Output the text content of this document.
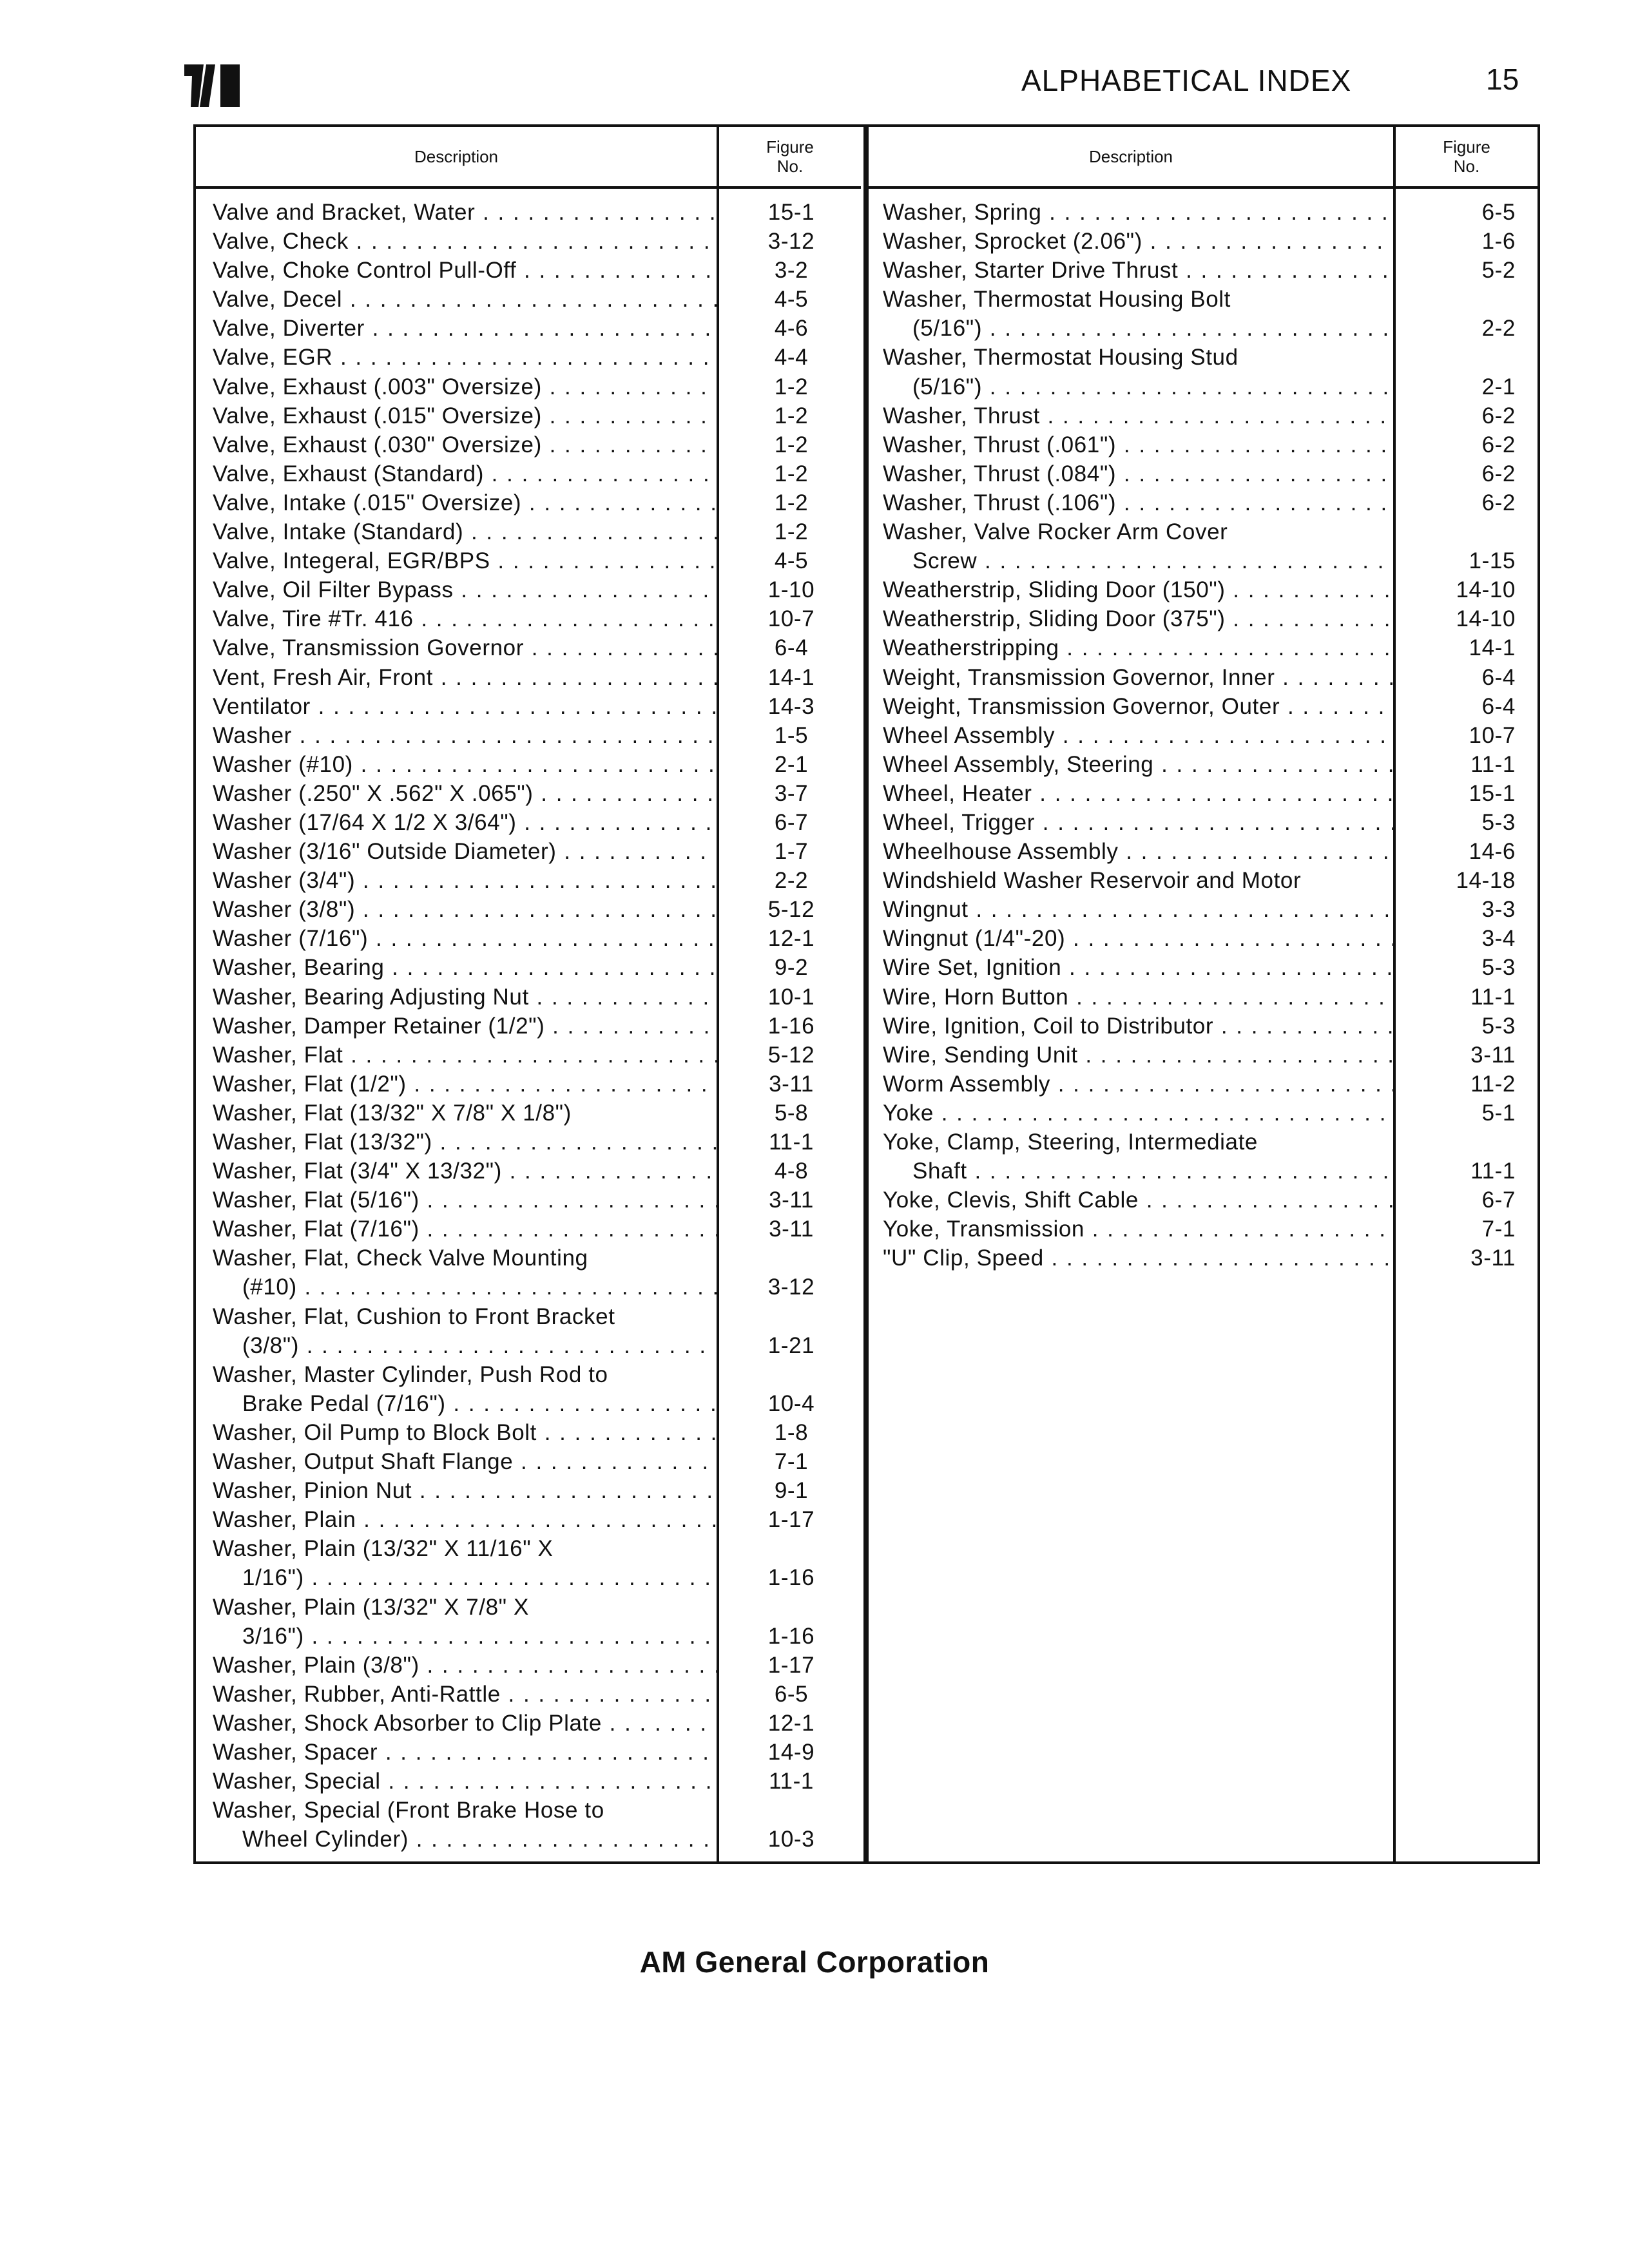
ALPHABETICAL INDEX	15
Description	Figure
No.
Valve and Bracket, Water . . .	15-1
Valve, Check . . .	3-12
Valve, Choke Control Pull-Off . . .	3-2
Valve, Decel . . .	4-5
Valve, Diverter . . .	4-6
Valve, EGR . . .	4-4
Valve, Exhaust (.003" Oversize) . . .	1-2
Valve, Exhaust (.015" Oversize) . . .	1-2
Valve, Exhaust (.030" Oversize) . . .	1-2
Valve, Exhaust (Standard) . . .	1-2
Valve, Intake (.015" Oversize) . . .	1-2
Valve, Intake (Standard) . . .	1-2
Valve, Integeral, EGR/BPS . . .	4-5
Valve, Oil Filter Bypass . . .	1-10
Valve, Tire #Tr. 416 . . .	10-7
Valve, Transmission Governor . . .	6-4
Vent, Fresh Air, Front . . .	14-1
Ventilator . . .	14-3
Washer . . .	1-5
Washer (#10) . . .	2-1
Washer (.250" X .562" X .065") . . .	3-7
Washer (17/64 X 1/2 X 3/64") . . .	6-7
Washer (3/16" Outside Diameter) . . .	1-7
Washer (3/4") . . .	2-2
Washer (3/8") . . .	5-12
Washer (7/16") . . .	12-1
Washer, Bearing . . .	9-2
Washer, Bearing Adjusting Nut . . .	10-1
Washer, Damper Retainer (1/2") . . .	1-16
Washer, Flat . . .	5-12
Washer, Flat (1/2") . . .	3-11
Washer, Flat (13/32" X 7/8" X 1/8")	5-8
Washer, Flat (13/32") . . .	11-1
Washer, Flat (3/4" X 13/32") . . .	4-8
Washer, Flat (5/16") . . .	3-11
Washer, Flat (7/16") . . .	3-11
Washer, Flat, Check Valve Mounting
(#10) . . .	3-12
Washer, Flat, Cushion to Front Bracket
(3/8") . . .	1-21
Washer, Master Cylinder, Push Rod to
Brake Pedal (7/16") . . .	10-4
Washer, Oil Pump to Block Bolt . . .	1-8
Washer, Output Shaft Flange . . .	7-1
Washer, Pinion Nut . . .	9-1
Washer, Plain . . .	1-17
Washer, Plain (13/32" X 11/16" X
1/16") . . .	1-16
Washer, Plain (13/32" X 7/8" X
3/16") . . .	1-16
Washer, Plain (3/8") . . .	1-17
Washer, Rubber, Anti-Rattle . . .	6-5
Washer, Shock Absorber to Clip Plate . . .	12-1
Washer, Spacer . . .	14-9
Washer, Special . . .	11-1
Washer, Special (Front Brake Hose to
Wheel Cylinder) . . .	10-3
Description	Figure
No.
Washer, Spring . . .	6-5
Washer, Sprocket (2.06") . . .	1-6
Washer, Starter Drive Thrust . . .	5-2
Washer, Thermostat Housing Bolt
(5/16") . . .	2-2
Washer, Thermostat Housing Stud
(5/16") . . .	2-1
Washer, Thrust . . .	6-2
Washer, Thrust (.061") . . .	6-2
Washer, Thrust (.084") . . .	6-2
Washer, Thrust (.106") . . .	6-2
Washer, Valve Rocker Arm Cover
Screw . . .	1-15
Weatherstrip, Sliding Door (150") . . .	14-10
Weatherstrip, Sliding Door (375") . . .	14-10
Weatherstripping . . .	14-1
Weight, Transmission Governor, Inner . . .	6-4
Weight, Transmission Governor, Outer . . .	6-4
Wheel Assembly . . .	10-7
Wheel Assembly, Steering . . .	11-1
Wheel, Heater . . .	15-1
Wheel, Trigger . . .	5-3
Wheelhouse Assembly . . .	14-6
Windshield Washer Reservoir and Motor	14-18
Wingnut . . .	3-3
Wingnut (1/4"-20) . . .	3-4
Wire Set, Ignition . . .	5-3
Wire, Horn Button . . .	11-1
Wire, Ignition, Coil to Distributor . . .	5-3
Wire, Sending Unit . . .	3-11
Worm Assembly . . .	11-2
Yoke . . .	5-1
Yoke, Clamp, Steering, Intermediate
Shaft . . .	11-1
Yoke, Clevis, Shift Cable . . .	6-7
Yoke, Transmission . . .	7-1
"U" Clip, Speed . . .	3-11
AM General Corporation
